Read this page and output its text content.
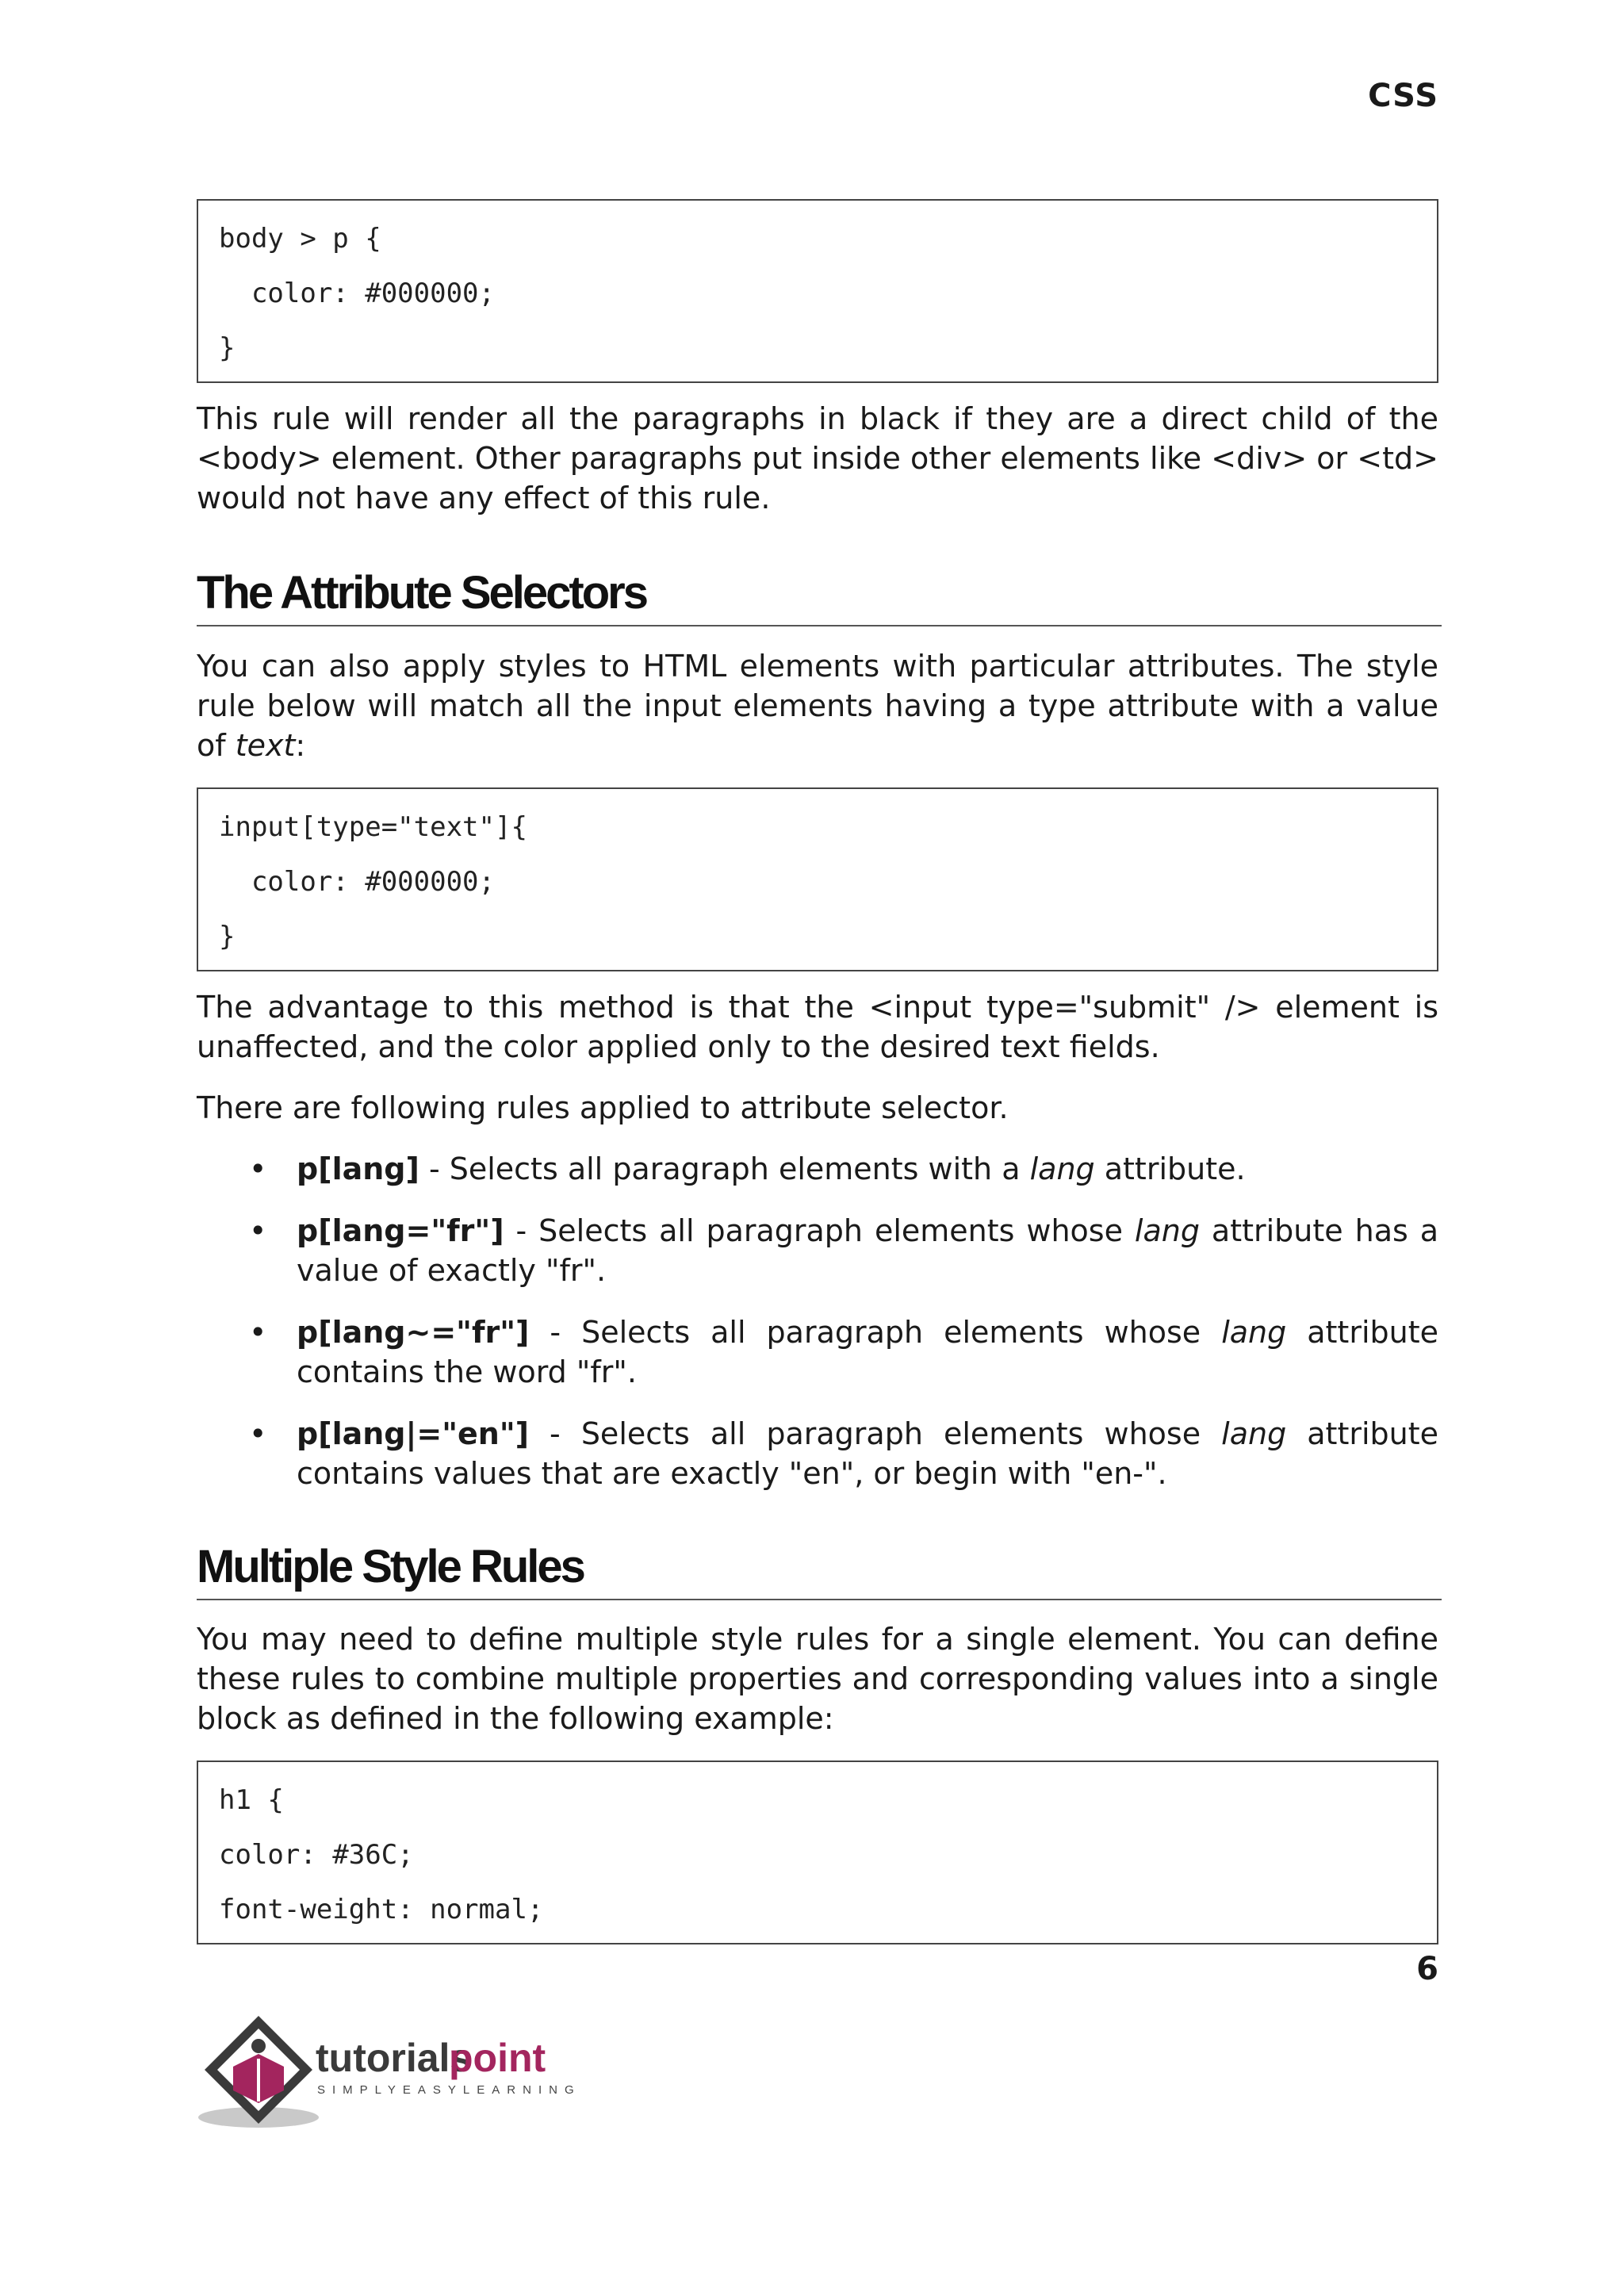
CSS
body > p {
color: #000000;
}

This rule will render all the paragraphs in black if they are a direct child of the <body> element. Other paragraphs put inside other elements like <div> or <td> would not have any effect of this rule.

The Attribute Selectors

You can also apply styles to HTML elements with particular attributes. The style rule below will match all the input elements having a type attribute with a value of text:

input[type="text"]{
color: #000000;
}

The advantage to this method is that the <input type="submit" /> element is unaffected, and the color applied only to the desired text fields.

There are following rules applied to attribute selector.

• p[lang] - Selects all paragraph elements with a lang attribute.
• p[lang="fr"] - Selects all paragraph elements whose lang attribute has a value of exactly "fr".
• p[lang~="fr"] - Selects all paragraph elements whose lang attribute contains the word "fr".
• p[lang|="en"] - Selects all paragraph elements whose lang attribute contains values that are exactly "en", or begin with "en-".
Multiple Style Rules

You may need to define multiple style rules for a single element. You can define these rules to combine multiple properties and corresponding values into a single block as defined in the following example:

h1 {
color: #36C;
font-weight: normal;
6
tutorials
point
SIMPLYEASYLEARNING
